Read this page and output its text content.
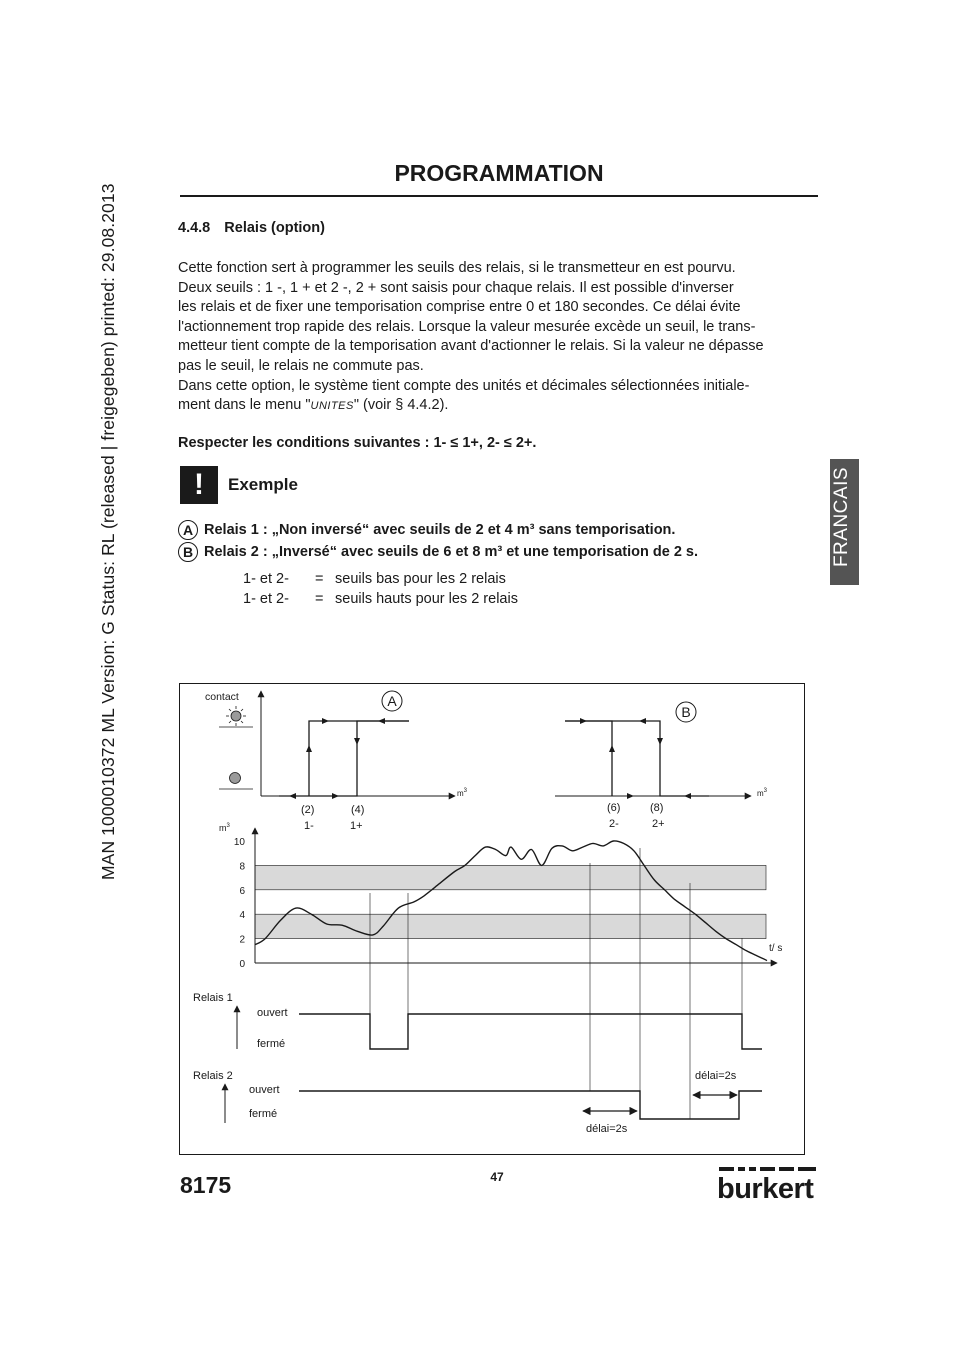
MAN 1000010372 ML Version: G Status: RL (released | freigegeben) printed: 29.08.2013
PROGRAMMATION
4.4.8 Relais (option)

Cette fonction sert à programmer les seuils des relais, si le transmetteur en est pourvu.

Deux seuils : 1 -, 1 + et 2 -, 2 + sont saisis pour chaque relais. Il est possible d'inverser

les relais et de fixer une temporisation comprise entre 0 et 180 secondes. Ce délai évite

l'actionnement trop rapide des relais. Lorsque la valeur mesurée excède un seuil, le trans-

metteur tient compte de la temporisation avant d'actionner le relais. Si la valeur ne dépasse

pas le seuil, le relais ne commute pas.

Dans cette option, le système tient compte des unités et décimales sélectionnées initiale-

ment dans le menu "UNITES" (voir § 4.4.2).

Respecter les conditions suivantes : 1- ≤ 1+, 2- ≤ 2+.
!	Exemple
A Relais 1 : „Non inversé“ avec seuils de 2 et 4 m³ sans temporisation.
B Relais 2 : „Inversé“ avec seuils de 6 et 8 m³ et une temporisation de 2 s.
1- et 2- = seuils bas pour les 2 relais
1- et 2- = seuils hauts pour les 2 relais
FRANCAIS
contact
$m^3$
(2)
1-
(4)
1+
A
$m^3$
(6)
2-
(8)
2+
B
$m^3$
t/ s
0
2
4
6
8
10
Relais 1
ouvert
fermé
Relais 2
ouvert
fermé
délai=2s
délai=2s
8175	47	burkert
